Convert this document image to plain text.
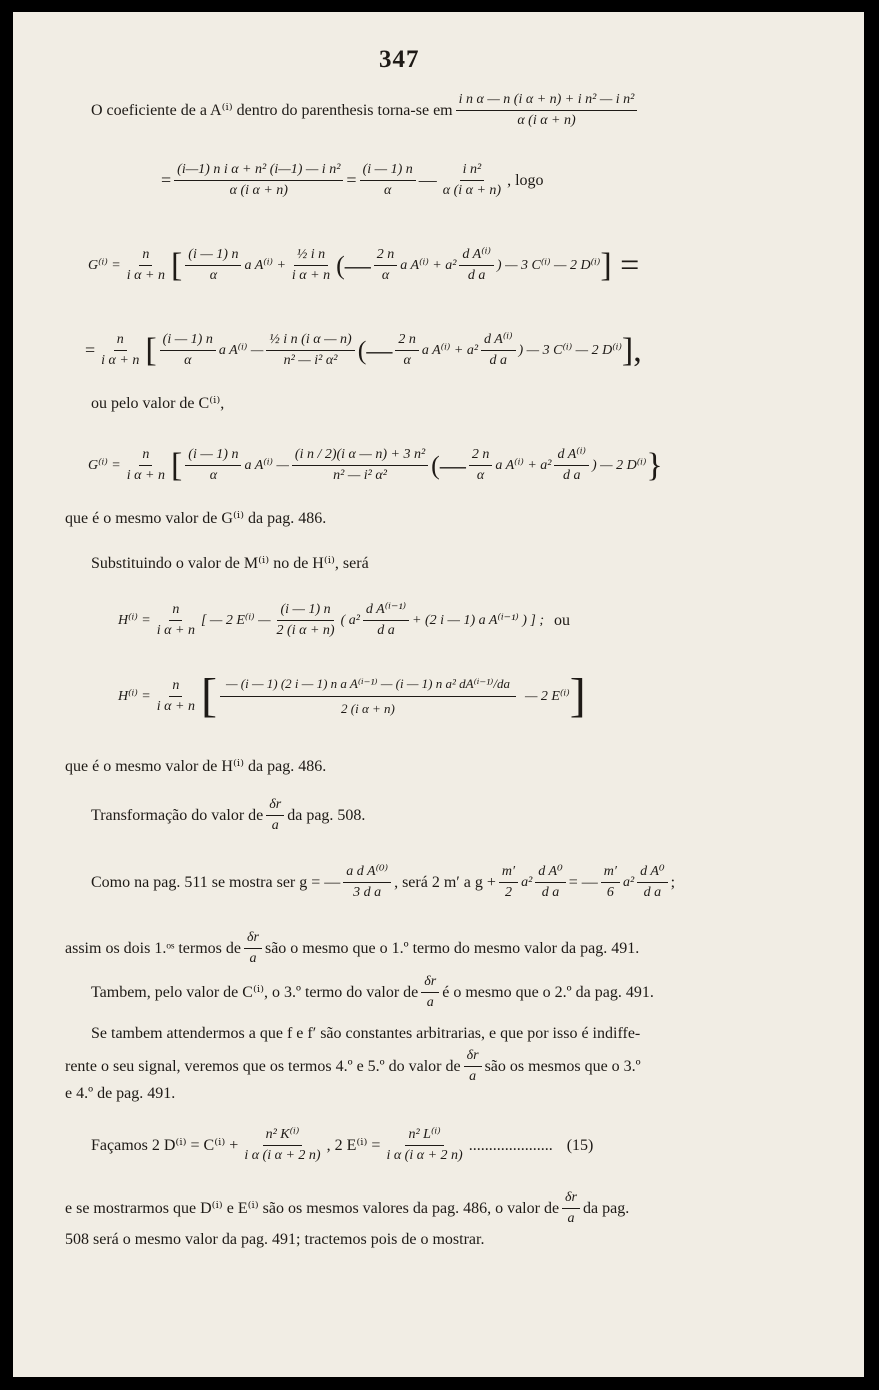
347
O coeficiente de a A⁽ⁱ⁾ dentro do parenthesis torna-se em $\frac{\text{i n α — n (i α + n) + i n² — i n²}}{\text{α (i α + n)}}$
= $\frac{\text{(i—1) n i α + n² (i—1) — i n²}}{\text{α (i α + n)}} = \frac{(i — 1) n}{\alpha}$ — $\frac{\text{i n²}}{\text{α (i α + n)}}$ , logo
$G^{(i)} = \frac{n}{\text{i α + n}}$ [ $\frac{(i — 1) n}{\alpha}$ a $A^{(i)} + \frac{\text{½ i n}}{\text{i α + n}}$ (— $\frac{2 n}{\alpha}$ a $A^{(i)} + a^2 \frac{\text{d A⁽ⁱ⁾}}{\text{d a}}$ ) — 3 C⁽ⁱ⁾ — 2 D⁽ⁱ⁾ ] =
= $\frac{n}{\text{i α + n}}$ [ $\frac{(i — 1) n}{\alpha}$ a A⁽ⁱ⁾ — $\frac{\text{½ i n (i α — n)}}{\text{n² — i² α²}}$ (— $\frac{2 n}{\alpha}$ a $A^{(i)} + a^2 \frac{\text{d A⁽ⁱ⁾}}{\text{d a}}$ ) — 3 C⁽ⁱ⁾ — 2 D⁽ⁱ⁾ ],
ou pelo valor de C⁽ⁱ⁾,
$G^{(i)} = \frac{n}{\text{i α + n}}$ [ $\frac{(i — 1) n}{\alpha}$ a A⁽ⁱ⁾ — $\frac{\text{(i n / 2)(i α — n) + 3 n²}}{\text{n² — i² α²}}$ (— $\frac{2 n}{\alpha}$ a $A^{(i)} + a^2 \frac{\text{d A⁽ⁱ⁾}}{\text{d a}}$ ) — 2 D⁽ⁱ⁾ }
que é o mesmo valor de G⁽ⁱ⁾ da pag. 486.
Substituindo o valor de M⁽ⁱ⁾ no de H⁽ⁱ⁾, será
$H^{(i)} = \frac{n}{\text{i α + n}}$ [ — 2 E⁽ⁱ⁾ — $\frac{(i — 1) n}{\text{2 (i α + n)}}$ ( $a^2 \frac{\text{d A⁽ⁱ⁻¹⁾}}{\text{d a}} + (2$ i — 1) a A⁽ⁱ⁻¹⁾ ) ] ; ou
$H^{(i)} = \frac{n}{\text{i α + n}}$ [ $\frac{\text{— (i — 1) (2 i — 1) n a A⁽ⁱ⁻¹⁾ — (i — 1) n a² dA⁽ⁱ⁻¹⁾/da}}{\text{2 (i α + n)}}$ — 2 E⁽ⁱ⁾ ]
que é o mesmo valor de H⁽ⁱ⁾ da pag. 486.
Transformação do valor de $\frac{\delta r}{a}$ da pag. 508.
Como na pag. 511 se mostra ser g = — $\frac{\text{a d A⁽⁰⁾}}{\text{3 d a}}$ , será 2 m′ a $g + \frac{m'}{2} a^2 \frac{\text{d A⁰}}{\text{d a}}$ = — $\frac{m'}{6} a^2 \frac{\text{d A⁰}}{\text{d a}}$ ;
assim os dois 1.ᵒˢ termos de $\frac{\delta r}{a}$ são o mesmo que o 1.º termo do mesmo valor da pag. 491.
Tambem, pelo valor de C⁽ⁱ⁾, o 3.º termo do valor de $\frac{\delta r}{a}$ é o mesmo que o 2.º da pag. 491.
Se tambem attendermos a que f e f′ são constantes arbitrarias, e que por isso é indiffe-
rente o seu signal, veremos que os termos 4.º e 5.º do valor de $\frac{\delta r}{a}$ são os mesmos que o 3.º
e 4.º de pag. 491.
Façamos 2 $D^{(i)} = C^{(i)} + \frac{\text{n² K⁽ⁱ⁾}}{\text{i α (i α + 2 n)}}$ , 2 $E^{(i)} = \frac{\text{n² L⁽ⁱ⁾}}{\text{i α (i α + 2 n)}}$ ..................... (15)
e se mostrarmos que D⁽ⁱ⁾ e E⁽ⁱ⁾ são os mesmos valores da pag. 486, o valor de $\frac{\delta r}{a}$ da pag.
508 será o mesmo valor da pag. 491; tractemos pois de o mostrar.
